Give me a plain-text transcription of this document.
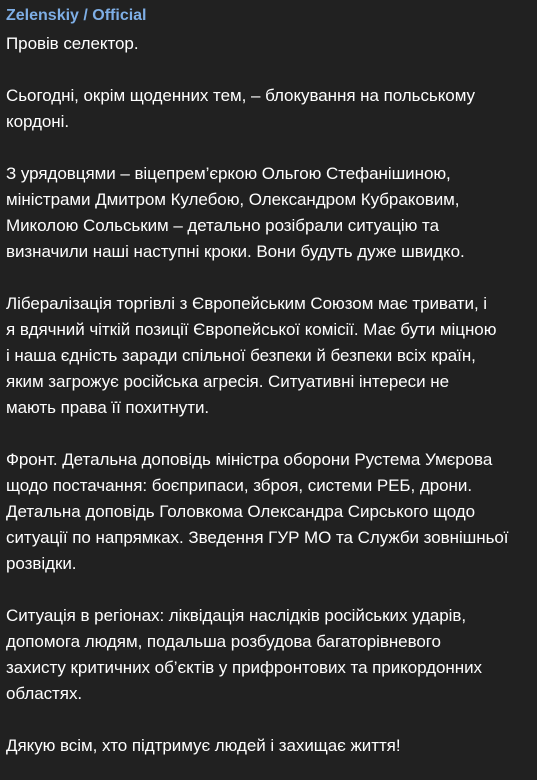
Zelenskiy / Official

Провів селектор.

Сьогодні, окрім щоденних тем, – блокування на польському
кордоні.

З урядовцями – віцепрем’єркою Ольгою Стефанішиною,
міністрами Дмитром Кулебою, Олександром Кубраковим,
Миколою Сольським – детально розібрали ситуацію та
визначили наші наступні кроки. Вони будуть дуже швидко.

Лібералізація торгівлі з Європейським Союзом має тривати, і
я вдячний чіткій позиції Європейської комісії. Має бути міцною
і наша єдність заради спільної безпеки й безпеки всіх країн,
яким загрожує російська агресія. Ситуативні інтереси не
мають права її похитнути.

Фронт. Детальна доповідь міністра оборони Рустема Умєрова
щодо постачання: боєприпаси, зброя, системи РЕБ, дрони.
Детальна доповідь Головкома Олександра Сирського щодо
ситуації по напрямках. Зведення ГУР МО та Служби зовнішньої
розвідки.

Ситуація в регіонах: ліквідація наслідків російських ударів,
допомога людям, подальша розбудова багаторівневого
захисту критичних об’єктів у прифронтових та прикордонних
областях.

Дякую всім, хто підтримує людей і захищає життя!
